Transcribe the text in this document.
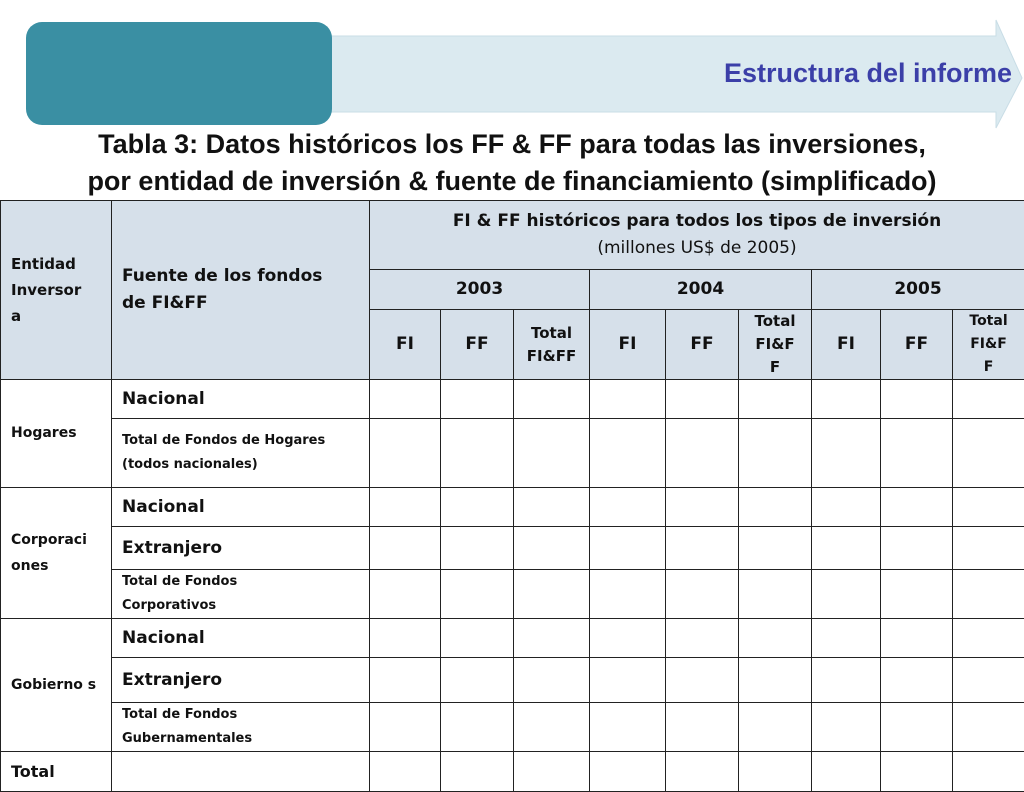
Estructura del informe
Tabla 3: Datos históricos los FF & FF para todas las inversiones,
por entidad de inversión & fuente de financiamiento (simplificado)
Entidad Inversor a	Fuente de los fondos de FI&FF	FI & FF históricos para todos los tipos de inversión
(millones US$ de 2005)								

		2003			2004			2005		
		FI	FF	Total FI&FF	FI	FF	Total FI&F F	FI	FF	Total FI&F F

Hogares	Nacional									

	Total de Fondos de Hogares
(todos nacionales)									

Corporaci ones	Nacional									
	Extranjero									

	Total de Fondos
Corporativos									

Gobierno s	Nacional									
	Extranjero									

	Total de Fondos
Gubernamentales									

Total										
